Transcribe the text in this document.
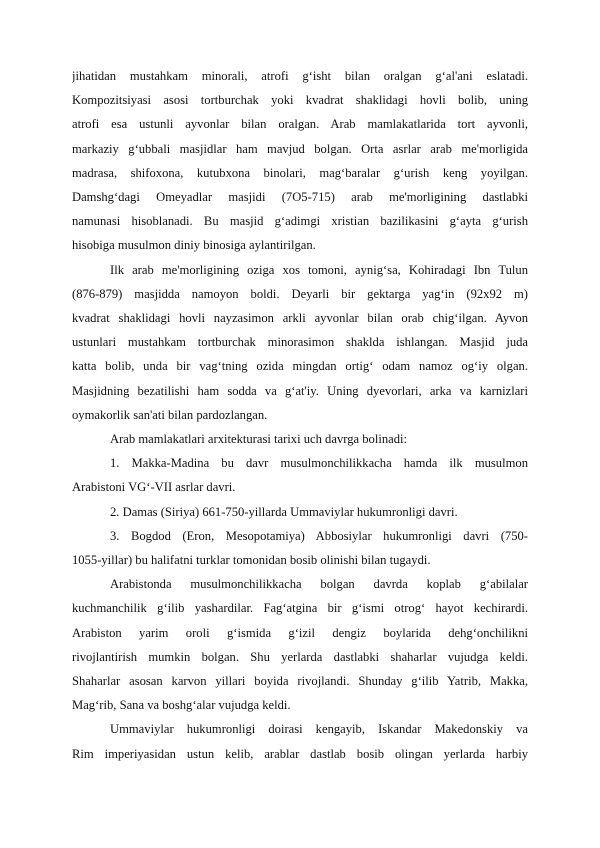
jihatidan mustahkam minorali, atrofi g‘isht bilan oralgan g‘al'ani eslatadi.
Kompozitsiyasi asosi tortburchak yoki kvadrat shaklidagi hovli bolib, uning
atrofi esa ustunli ayvonlar bilan oralgan. Arab mamlakatlarida tort ayvonli,
markaziy g‘ubbali masjidlar ham mavjud bolgan. Orta asrlar arab me'morligida
madrasa, shifoxona, kutubxona binolari, mag‘baralar g‘urish keng yoyilgan.
Damshg‘dagi Omeyadlar masjidi (7O5-715) arab me'morligining dastlabki
namunasi hisoblanadi. Bu masjid g‘adimgi xristian bazilikasini g‘ayta g‘urish
hisobiga musulmon diniy binosiga aylantirilgan.
Ilk arab me'morligining oziga xos tomoni, aynig‘sa, Kohiradagi Ibn Tulun
(876-879) masjidda namoyon boldi. Deyarli bir gektarga yag‘in (92x92 m)
kvadrat shaklidagi hovli nayzasimon arkli ayvonlar bilan orab chig‘ilgan. Ayvon
ustunlari mustahkam tortburchak minorasimon shaklda ishlangan. Masjid juda
katta bolib, unda bir vag‘tning ozida mingdan ortig‘ odam namoz og‘iy olgan.
Masjidning bezatilishi ham sodda va g‘at'iy. Uning dyevorlari, arka va karnizlari
oymakorlik san'ati bilan pardozlangan.
Arab mamlakatlari arxitekturasi tarixi uch davrga bolinadi:
1. Makka-Madina bu davr musulmonchilikkacha hamda ilk musulmon
Arabistoni VG‘-VII asrlar davri.
2. Damas (Siriya) 661-750-yillarda Ummaviylar hukumronligi davri.
3. Bogdod (Eron, Mesopotamiya) Abbosiylar hukumronligi davri (750-
1055-yillar) bu halifatni turklar tomonidan bosib olinishi bilan tugaydi.
Arabistonda musulmonchilikkacha bolgan davrda koplab g‘abilalar
kuchmanchilik g‘ilib yashardilar. Fag‘atgina bir g‘ismi otrog‘ hayot kechirardi.
Arabiston yarim oroli g‘ismida g‘izil dengiz boylarida dehg‘onchilikni
rivojlantirish mumkin bolgan. Shu yerlarda dastlabki shaharlar vujudga keldi.
Shaharlar asosan karvon yillari boyida rivojlandi. Shunday g‘ilib Yatrib, Makka,
Mag‘rib, Sana va boshg‘alar vujudga keldi.
Ummaviylar hukumronligi doirasi kengayib, Iskandar Makedonskiy va
Rim imperiyasidan ustun kelib, arablar dastlab bosib olingan yerlarda harbiy
